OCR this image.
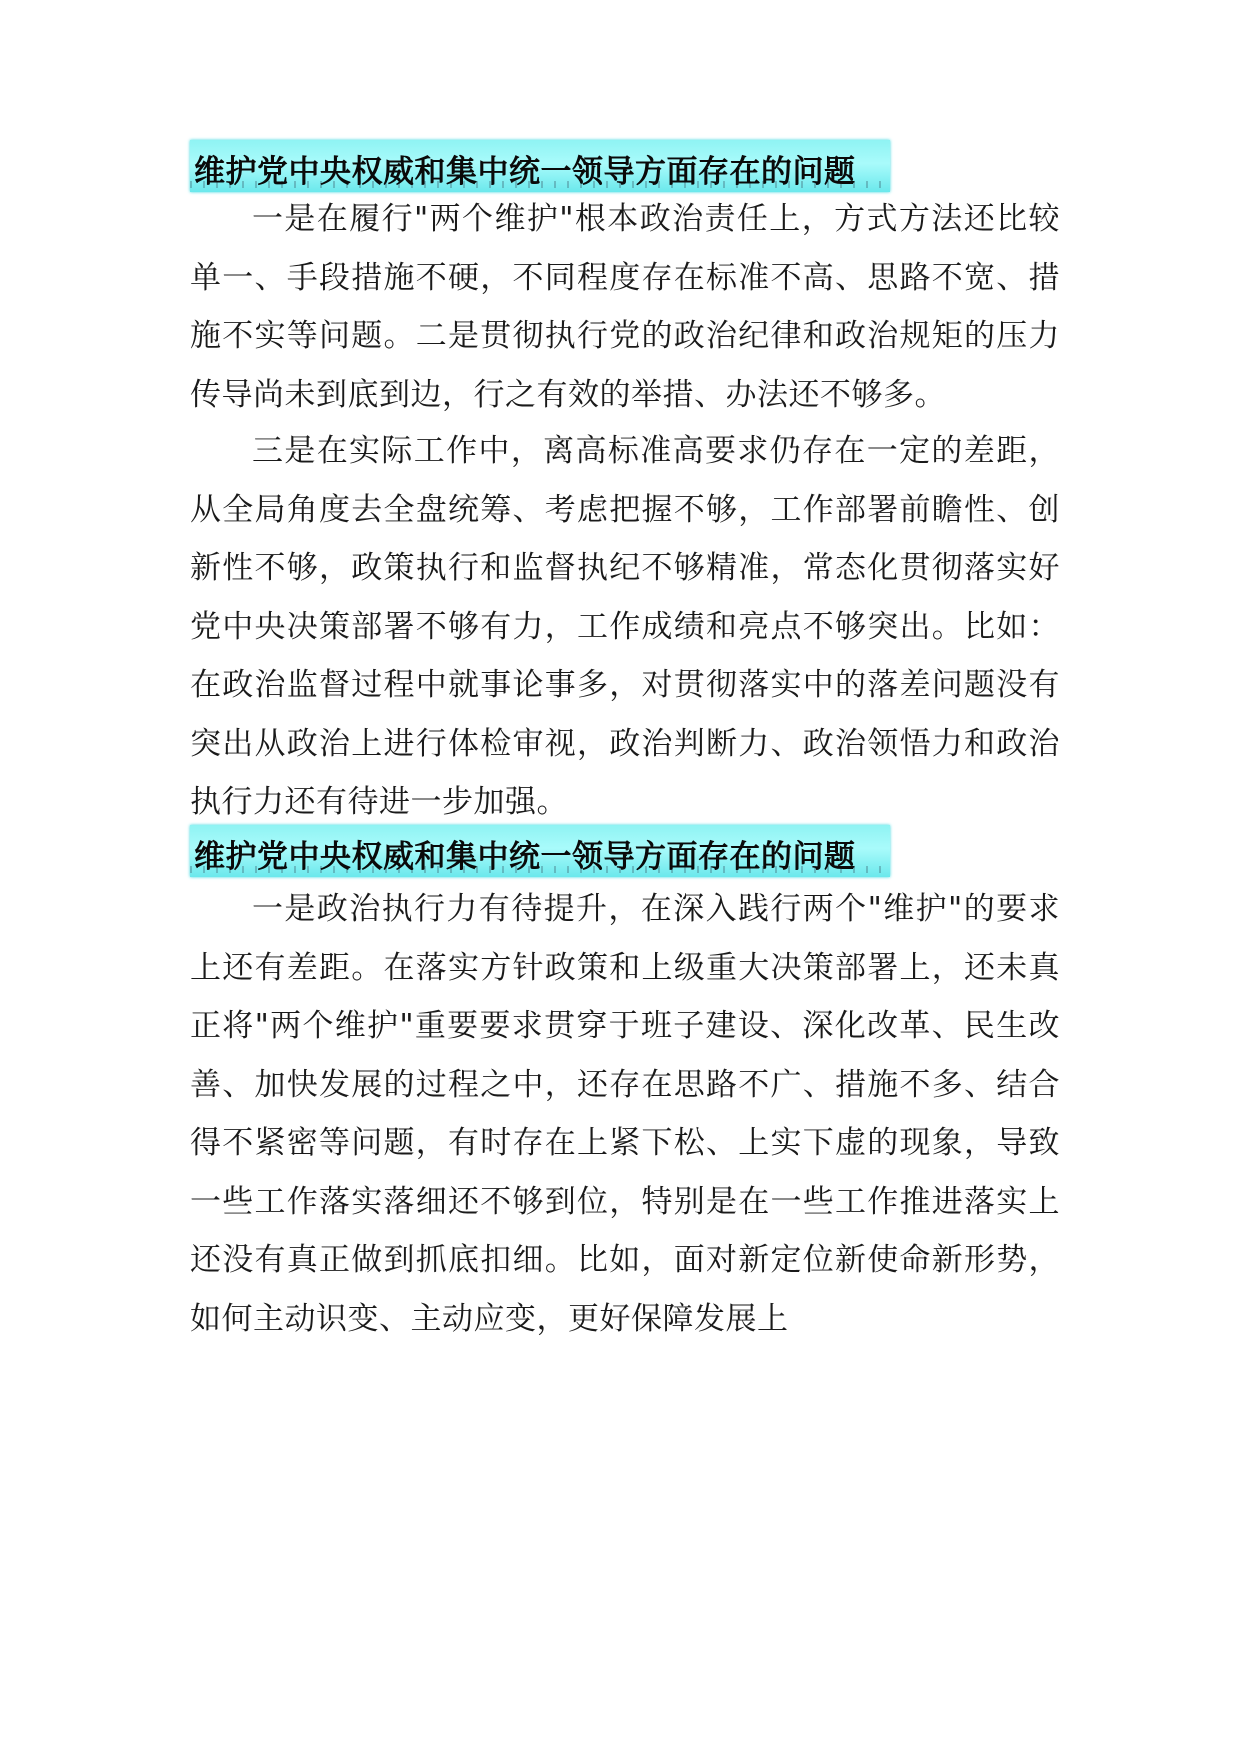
维护党中央权威和集中统一领导方面存在的问题

一是在履行"两个维护"根本政治责任上，方式方法还比较单一、手段措施不硬，不同程度存在标准不高、思路不宽、措施不实等问题。二是贯彻执行党的政治纪律和政治规矩的压力传导尚未到底到边，行之有效的举措、办法还不够多。

三是在实际工作中，离高标准高要求仍存在一定的差距，从全局角度去全盘统筹、考虑把握不够，工作部署前瞻性、创新性不够，政策执行和监督执纪不够精准，常态化贯彻落实好党中央决策部署不够有力，工作成绩和亮点不够突出。比如：在政治监督过程中就事论事多，对贯彻落实中的落差问题没有突出从政治上进行体检审视，政治判断力、政治领悟力和政治执行力还有待进一步加强。

维护党中央权威和集中统一领导方面存在的问题

一是政治执行力有待提升，在深入践行两个"维护"的要求上还有差距。在落实方针政策和上级重大决策部署上，还未真正将"两个维护"重要要求贯穿于班子建设、深化改革、民生改善、加快发展的过程之中，还存在思路不广、措施不多、结合得不紧密等问题，有时存在上紧下松、上实下虚的现象，导致一些工作落实落细还不够到位，特别是在一些工作推进落实上还没有真正做到抓底扣细。比如，面对新定位新使命新形势，如何主动识变、主动应变，更好保障发展上
